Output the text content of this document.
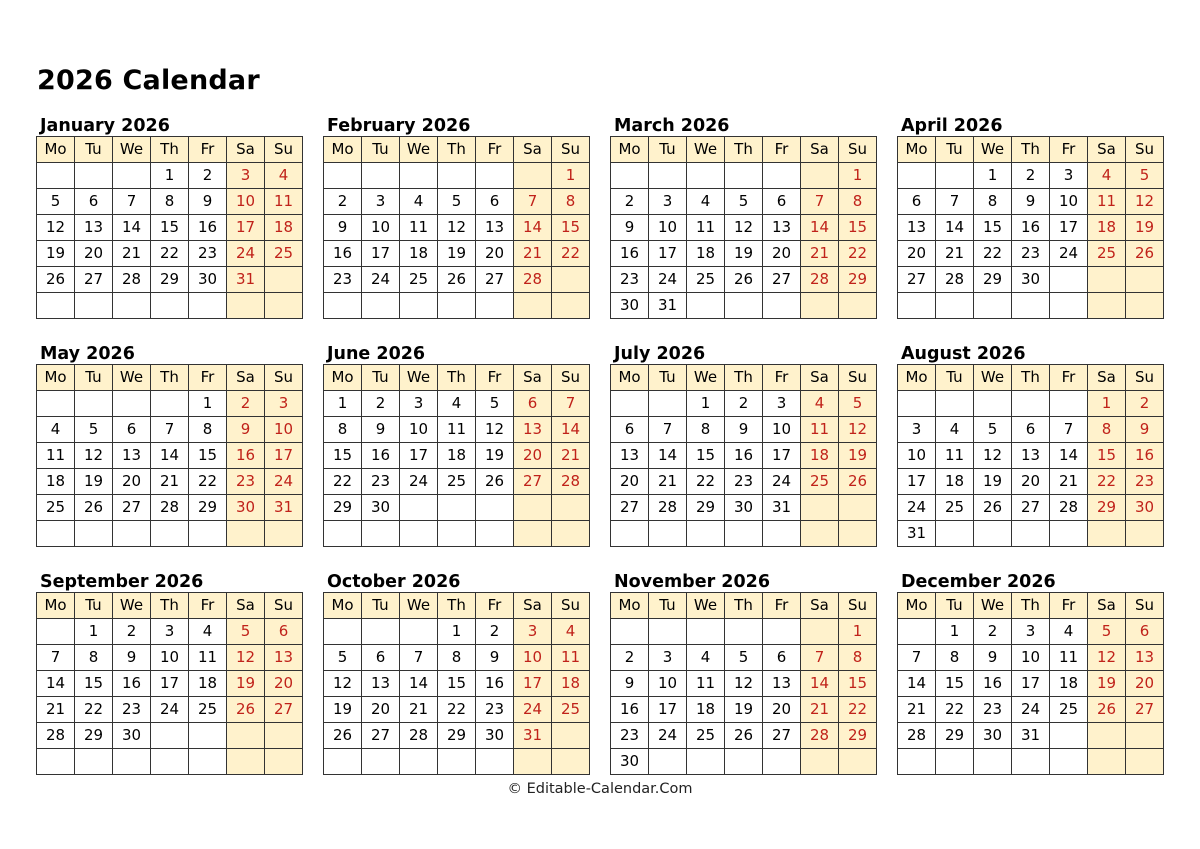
2026 Calendar
January 2026
Mo	Tu	We	Th	Fr	Sa	Su
			1	2	3	4
5	6	7	8	9	10	11
12	13	14	15	16	17	18
19	20	21	22	23	24	25
26	27	28	29	30	31	

February 2026
Mo	Tu	We	Th	Fr	Sa	Su
						1
2	3	4	5	6	7	8
9	10	11	12	13	14	15
16	17	18	19	20	21	22
23	24	25	26	27	28	

March 2026
Mo	Tu	We	Th	Fr	Sa	Su
						1
2	3	4	5	6	7	8
9	10	11	12	13	14	15
16	17	18	19	20	21	22
23	24	25	26	27	28	29
30	31					
April 2026
Mo	Tu	We	Th	Fr	Sa	Su
		1	2	3	4	5
6	7	8	9	10	11	12
13	14	15	16	17	18	19
20	21	22	23	24	25	26
27	28	29	30			

May 2026
Mo	Tu	We	Th	Fr	Sa	Su
				1	2	3
4	5	6	7	8	9	10
11	12	13	14	15	16	17
18	19	20	21	22	23	24
25	26	27	28	29	30	31

June 2026
Mo	Tu	We	Th	Fr	Sa	Su
1	2	3	4	5	6	7
8	9	10	11	12	13	14
15	16	17	18	19	20	21
22	23	24	25	26	27	28
29	30					

July 2026
Mo	Tu	We	Th	Fr	Sa	Su
		1	2	3	4	5
6	7	8	9	10	11	12
13	14	15	16	17	18	19
20	21	22	23	24	25	26
27	28	29	30	31		

August 2026
Mo	Tu	We	Th	Fr	Sa	Su
					1	2
3	4	5	6	7	8	9
10	11	12	13	14	15	16
17	18	19	20	21	22	23
24	25	26	27	28	29	30
31						
September 2026
Mo	Tu	We	Th	Fr	Sa	Su
	1	2	3	4	5	6
7	8	9	10	11	12	13
14	15	16	17	18	19	20
21	22	23	24	25	26	27
28	29	30				

October 2026
Mo	Tu	We	Th	Fr	Sa	Su
			1	2	3	4
5	6	7	8	9	10	11
12	13	14	15	16	17	18
19	20	21	22	23	24	25
26	27	28	29	30	31	

November 2026
Mo	Tu	We	Th	Fr	Sa	Su
						1
2	3	4	5	6	7	8
9	10	11	12	13	14	15
16	17	18	19	20	21	22
23	24	25	26	27	28	29
30						
December 2026
Mo	Tu	We	Th	Fr	Sa	Su
	1	2	3	4	5	6
7	8	9	10	11	12	13
14	15	16	17	18	19	20
21	22	23	24	25	26	27
28	29	30	31			

© Editable-Calendar.Com
